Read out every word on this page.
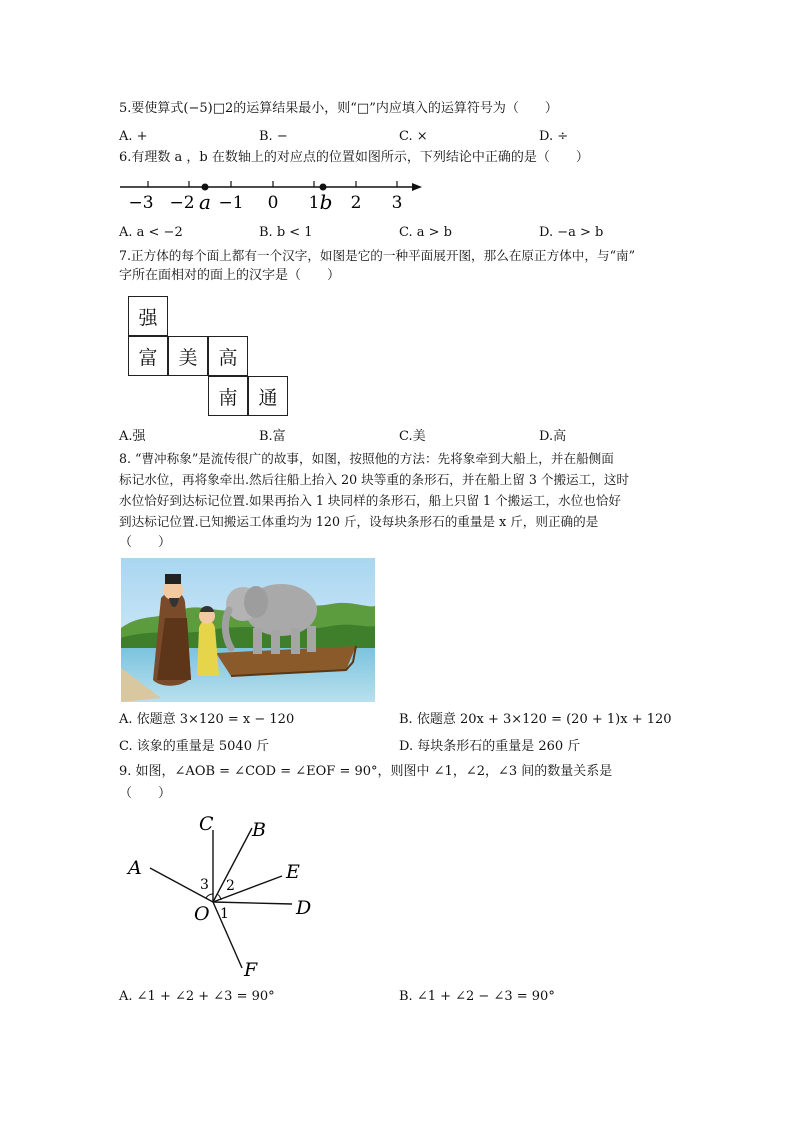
5.要使算式(−5)□2的运算结果最小，则“□”内应填入的运算符号为（　　）
A. +	B. −	C. ×	D. ÷
6.有理数 a ，b 在数轴上的对应点的位置如图所示，下列结论中正确的是（　　）
−3 −2 −1 0 1 2 3
a	b
A. a < −2	B. b < 1	C. a > b	D. −a > b
7.正方体的每个面上都有一个汉字，如图是它的一种平面展开图，那么在原正方体中，与“南”
字所在面相对的面上的汉字是（　　）
强
富	美	高
南	通
A.强	B.富	C.美	D.高
8. “曹冲称象”是流传很广的故事，如图，按照他的方法：先将象牵到大船上，并在船侧面
标记水位，再将象牵出.然后往船上抬入 20 块等重的条形石，并在船上留 3 个搬运工，这时
水位恰好到达标记位置.如果再抬入 1 块同样的条形石，船上只留 1 个搬运工，水位也恰好
到达标记位置.已知搬运工体重均为 120 斤，设每块条形石的重量是 x 斤，则正确的是
（　　）
A. 依题意 3×120 = x − 120	B. 依题意 20x + 3×120 = (20 + 1)x + 120
C. 该象的重量是 5040 斤	D. 每块条形石的重量是 260 斤
9. 如图，∠AOB = ∠COD = ∠EOF = 90°，则图中 ∠1，∠2，∠3 间的数量关系是
（　　）
C B
A	E
D
F
O
3 2
1
A. ∠1 + ∠2 + ∠3 = 90°	B. ∠1 + ∠2 − ∠3 = 90°
